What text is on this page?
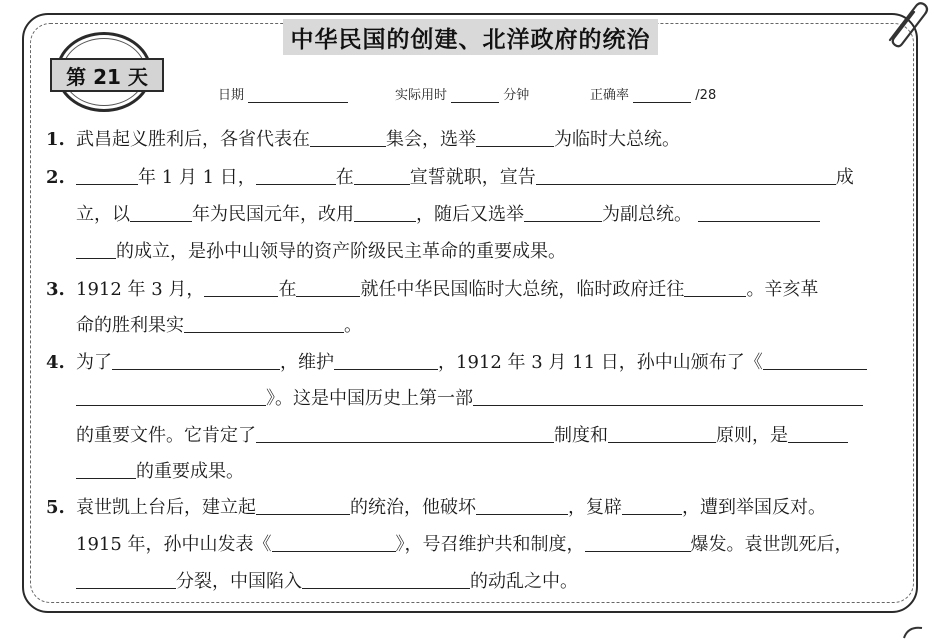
中华民国的创建、北洋政府的统治
第 21 天
日期	实际用时	分钟	正确率	/28
1. 武昌起义胜利后，各省代表在	集会，选举	为临时大总统。
2.	年 1 月 1 日，	在	宣誓就职，宣告	成
立，以	年为民国元年，改用	，随后又选举	为副总统。
的成立，是孙中山领导的资产阶级民主革命的重要成果。
3. 1912 年 3 月，	在	就任中华民国临时大总统，临时政府迁往	。辛亥革
命的胜利果实	。
4. 为了	，维护	，1912 年 3 月 11 日，孙中山颁布了《
》。这是中国历史上第一部
的重要文件。它肯定了	制度和	原则，是
的重要成果。
5. 袁世凯上台后，建立起	的统治，他破坏	，复辟	，遭到举国反对。
1915 年，孙中山发表《	》，号召维护共和制度，	爆发。袁世凯死后，
分裂，中国陷入	的动乱之中。
